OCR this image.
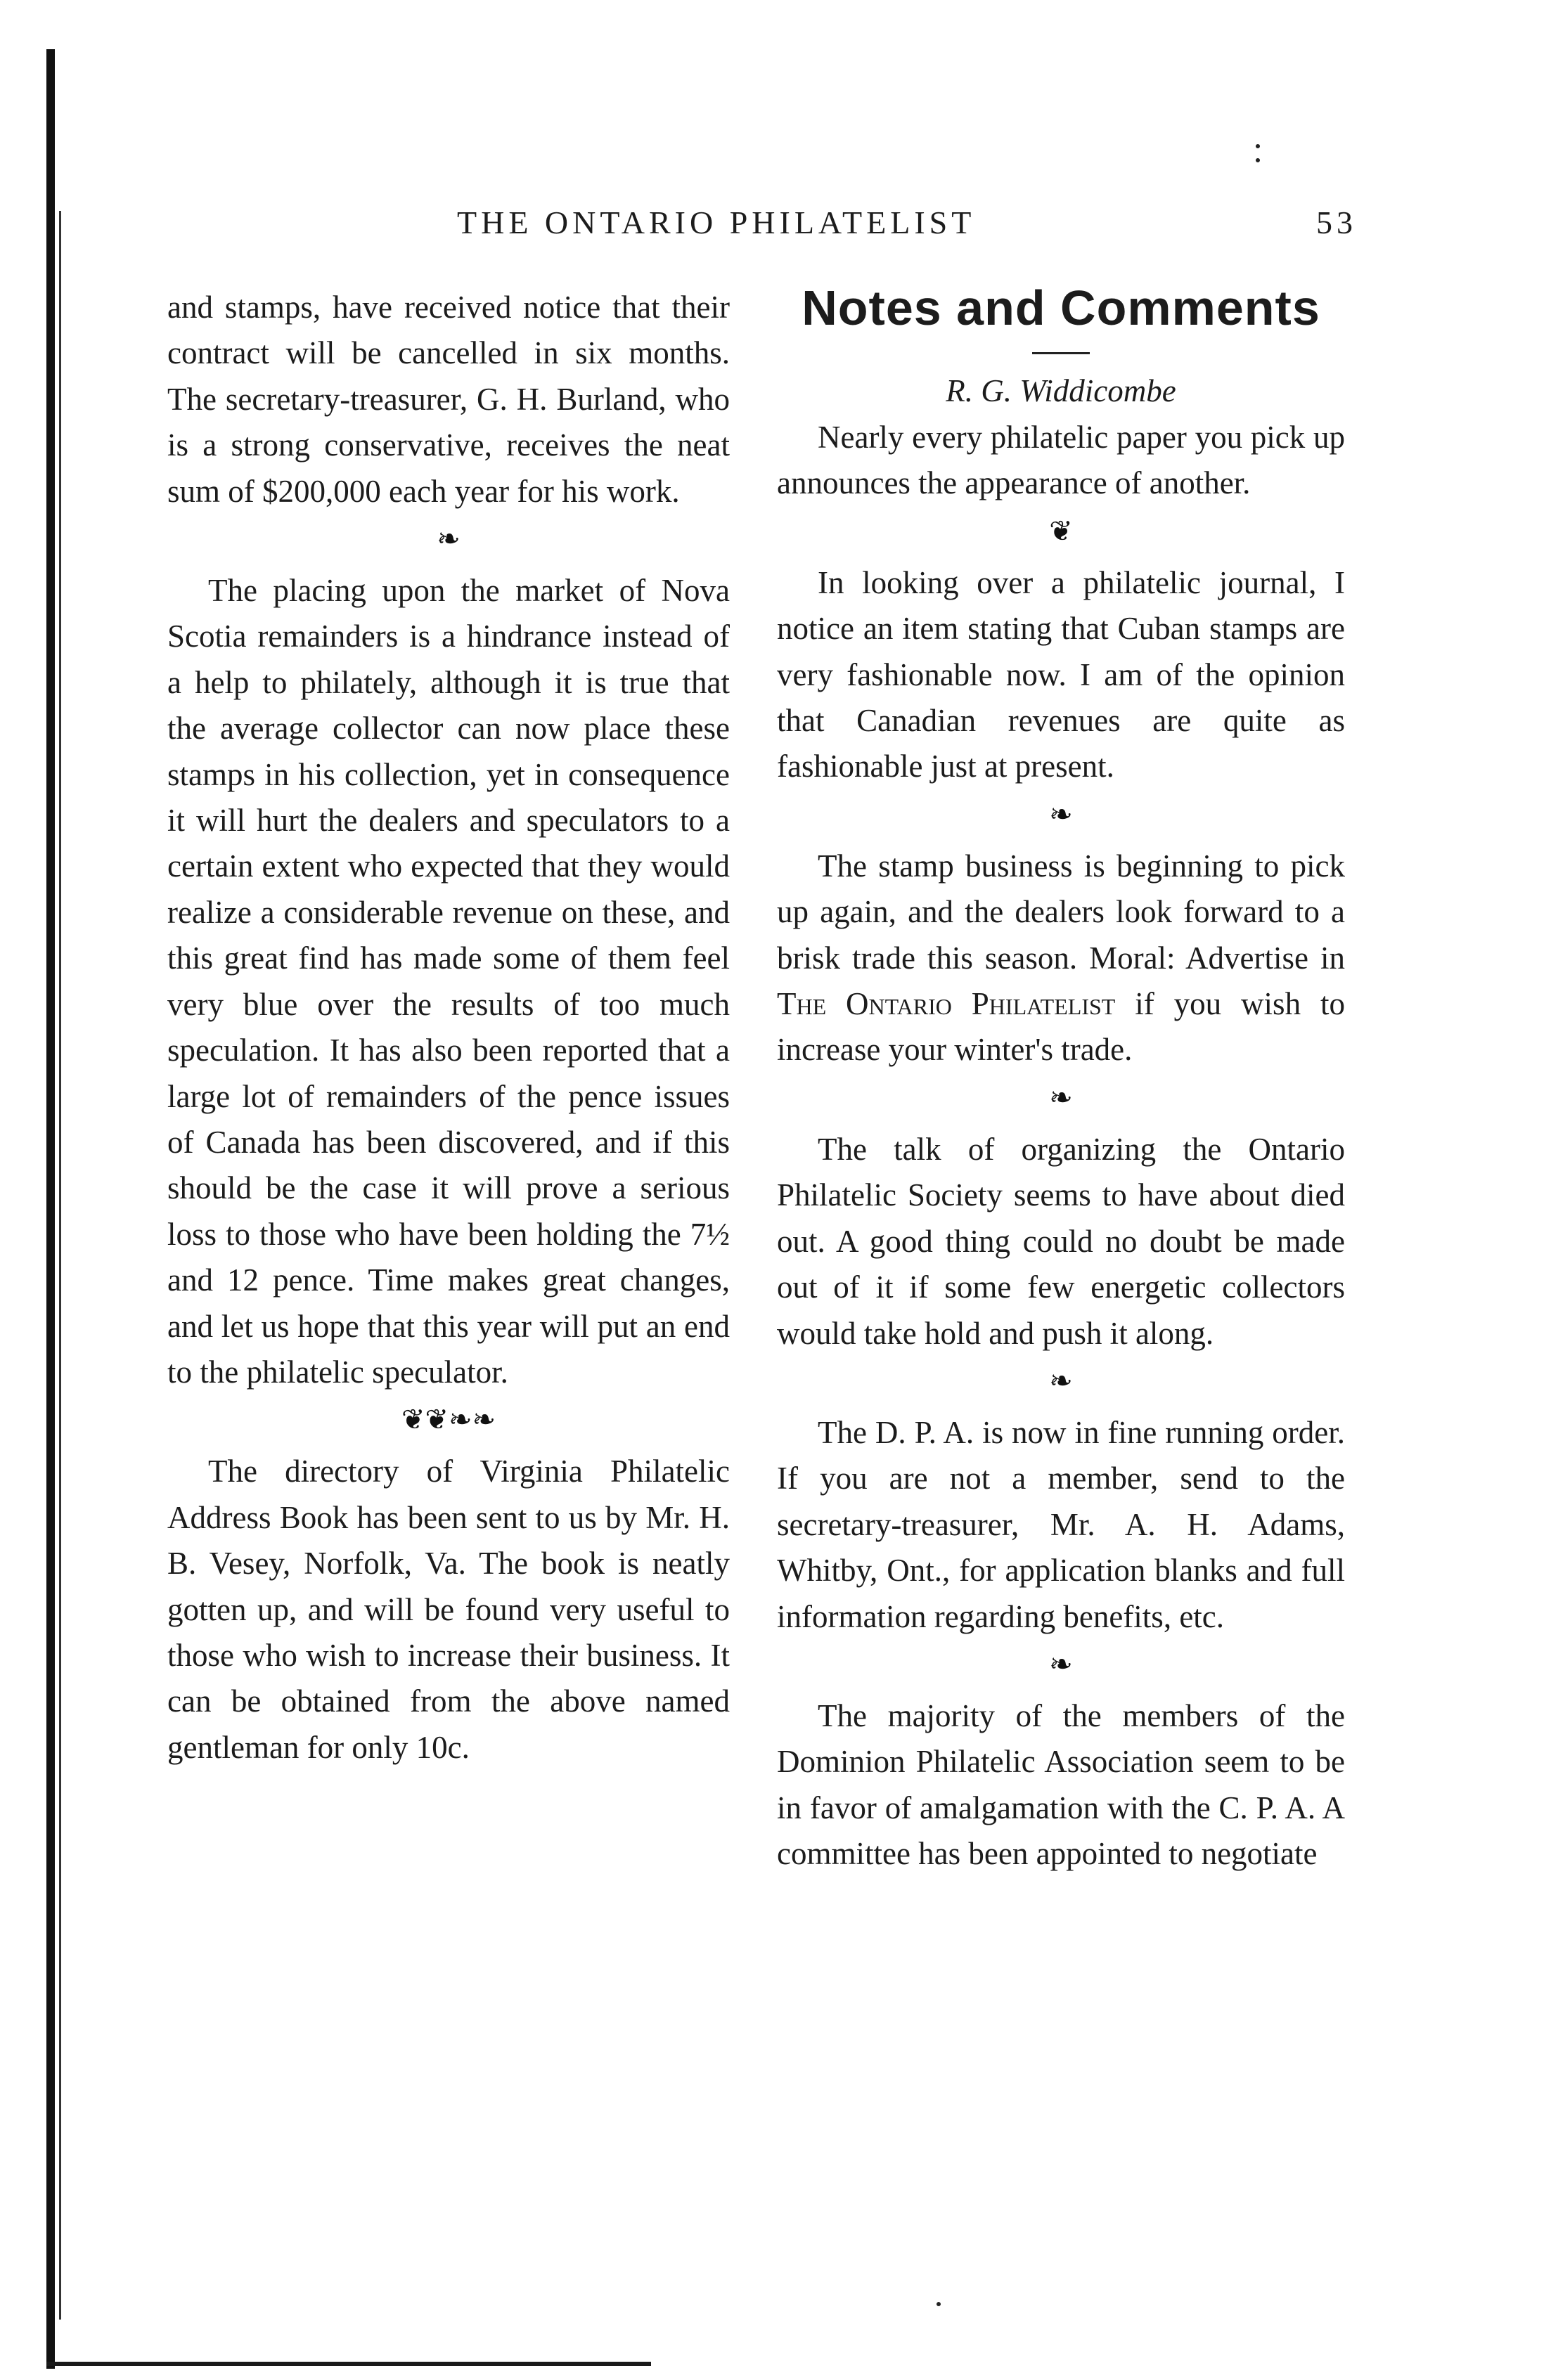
THE ONTARIO PHILATELIST	53

and stamps, have received notice that their contract will be cancelled in six months. The secretary-treasurer, G. H. Burland, who is a strong conservative, receives the neat sum of $200,000 each year for his work.

❧

The placing upon the market of Nova Scotia remainders is a hindrance instead of a help to philately, although it is true that the average collector can now place these stamps in his collection, yet in consequence it will hurt the dealers and speculators to a certain extent who expected that they would realize a considerable revenue on these, and this great find has made some of them feel very blue over the results of too much speculation. It has also been reported that a large lot of remainders of the pence issues of Canada has been discovered, and if this should be the case it will prove a serious loss to those who have been holding the 7½ and 12 pence. Time makes great changes, and let us hope that this year will put an end to the philatelic speculator.

❦❦❧❧

The directory of Virginia Philatelic Address Book has been sent to us by Mr. H. B. Vesey, Norfolk, Va. The book is neatly gotten up, and will be found very useful to those who wish to increase their business. It can be obtained from the above named gentleman for only 10c.

Notes and Comments
R. G. Widdicombe

Nearly every philatelic paper you pick up announces the appearance of another.

❦

In looking over a philatelic journal, I notice an item stating that Cuban stamps are very fashionable now. I am of the opinion that Canadian revenues are quite as fashionable just at present.

❧

The stamp business is beginning to pick up again, and the dealers look forward to a brisk trade this season. Moral: Advertise in The Ontario Philatelist if you wish to increase your winter's trade.

❧

The talk of organizing the Ontario Philatelic Society seems to have about died out. A good thing could no doubt be made out of it if some few energetic collectors would take hold and push it along.

❧

The D. P. A. is now in fine running order. If you are not a member, send to the secretary-treasurer, Mr. A. H. Adams, Whitby, Ont., for application blanks and full information regarding benefits, etc.

❧

The majority of the members of the Dominion Philatelic Association seem to be in favor of amalgamation with the C. P. A. A committee has been appointed to negotiate
